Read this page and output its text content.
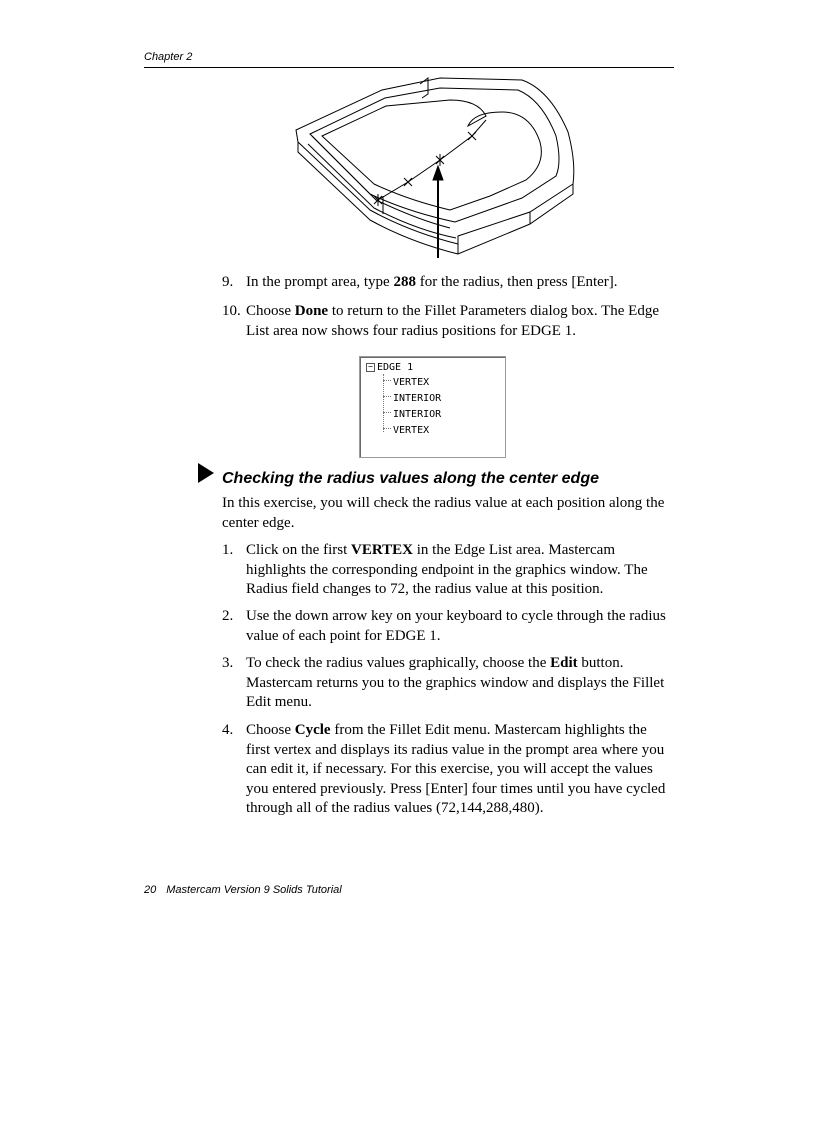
Chapter 2
9. In the prompt area, type 288 for the radius, then press [Enter].
10. Choose Done to return to the Fillet Parameters dialog box. The Edge List area now shows four radius positions for EDGE 1.
− EDGE 1
VERTEX
INTERIOR
INTERIOR
VERTEX
Checking the radius values along the center edge
In this exercise, you will check the radius value at each position along the center edge.
1. Click on the first VERTEX in the Edge List area. Mastercam highlights the corresponding endpoint in the graphics window. The Radius field changes to 72, the radius value at this position.
2. Use the down arrow key on your keyboard to cycle through the radius value of each point for EDGE 1.
3. To check the radius values graphically, choose the Edit button. Mastercam returns you to the graphics window and displays the Fillet Edit menu.
4. Choose Cycle from the Fillet Edit menu. Mastercam highlights the first vertex and displays its radius value in the prompt area where you can edit it, if necessary. For this exercise, you will accept the values you entered previously. Press [Enter] four times until you have cycled through all of the radius values (72,144,288,480).
20 Mastercam Version 9 Solids Tutorial
